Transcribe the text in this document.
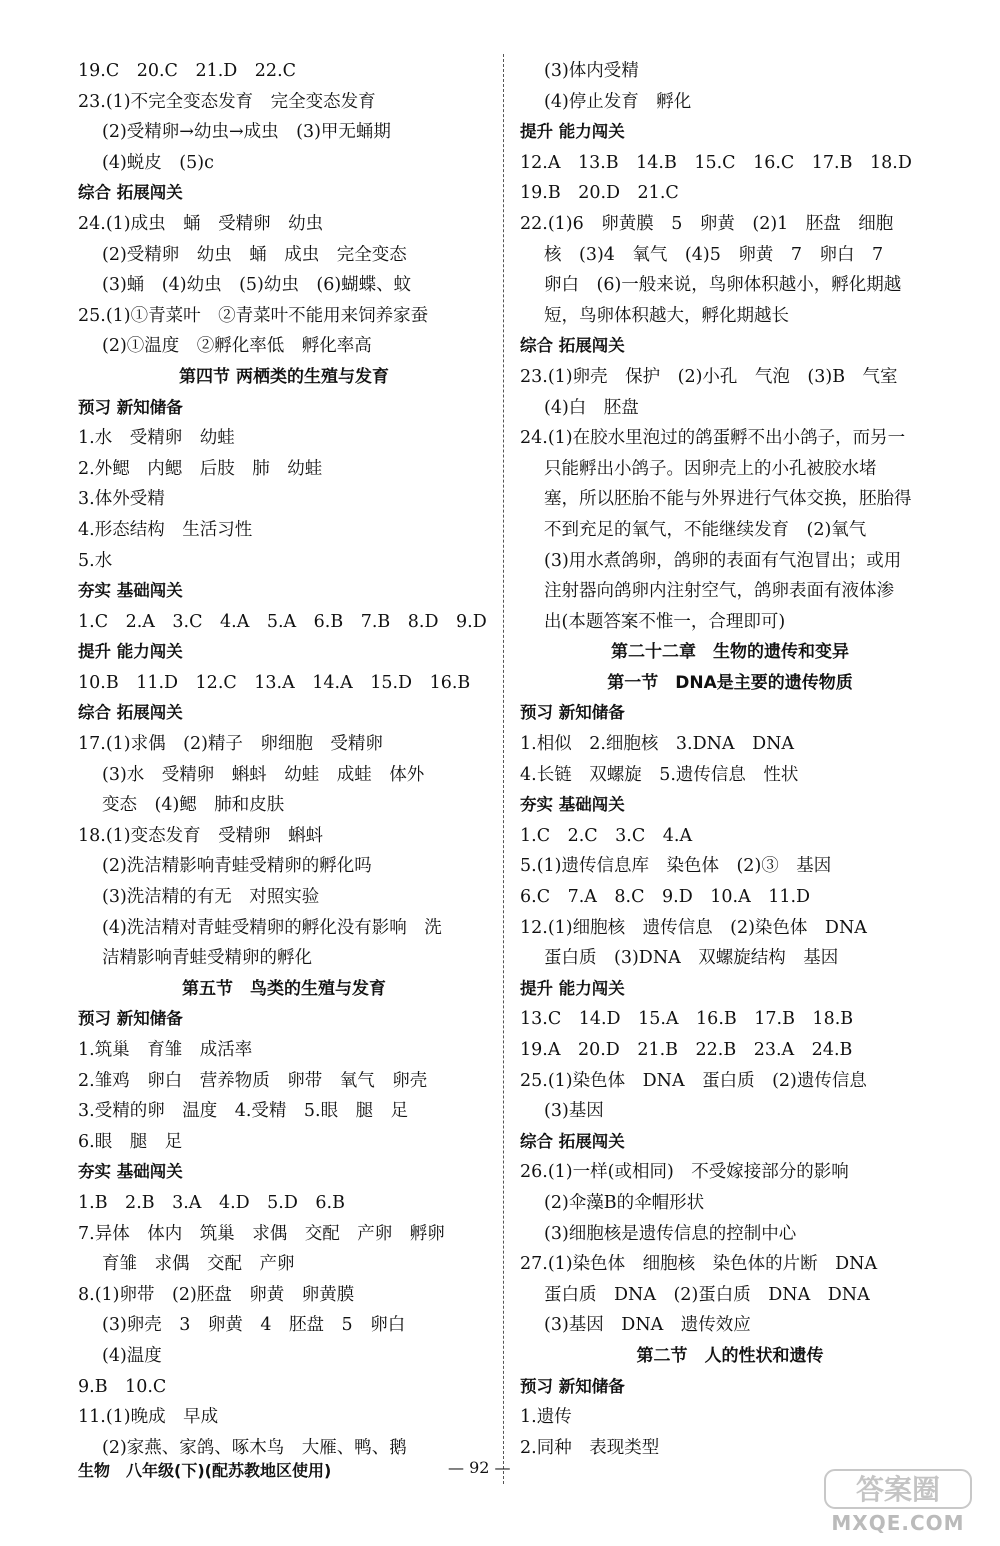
19.C　20.C　21.D　22.C
23.(1)不完全变态发育　完全变态发育
(2)受精卵→幼虫→成虫　(3)甲无蛹期
(4)蜕皮　(5)c
综合 拓展闯关
24.(1)成虫　蛹　受精卵　幼虫
(2)受精卵　幼虫　蛹　成虫　完全变态
(3)蛹　(4)幼虫　(5)幼虫　(6)蝴蝶、蚊
25.(1)①青菜叶　②青菜叶不能用来饲养家蚕
(2)①温度　②孵化率低　孵化率高
第四节 两栖类的生殖与发育
预习 新知储备
1.水　受精卵　幼蛙
2.外鳃　内鳃　后肢　肺　幼蛙
3.体外受精
4.形态结构　生活习性
5.水
夯实 基础闯关
1.C　2.A　3.C　4.A　5.A　6.B　7.B　8.D　9.D
提升 能力闯关
10.B　11.D　12.C　13.A　14.A　15.D　16.B
综合 拓展闯关
17.(1)求偶　(2)精子　卵细胞　受精卵
(3)水　受精卵　蝌蚪　幼蛙　成蛙　体外
变态　(4)鳃　肺和皮肤
18.(1)变态发育　受精卵　蝌蚪
(2)洗洁精影响青蛙受精卵的孵化吗
(3)洗洁精的有无　对照实验
(4)洗洁精对青蛙受精卵的孵化没有影响　洗
洁精影响青蛙受精卵的孵化
第五节　鸟类的生殖与发育
预习 新知储备
1.筑巢　育雏　成活率
2.雏鸡　卵白　营养物质　卵带　氧气　卵壳
3.受精的卵　温度　4.受精　5.眼　腿　足
6.眼　腿　足
夯实 基础闯关
1.B　2.B　3.A　4.D　5.D　6.B
7.异体　体内　筑巢　求偶　交配　产卵　孵卵
育雏　求偶　交配　产卵
8.(1)卵带　(2)胚盘　卵黄　卵黄膜
(3)卵壳　3　卵黄　4　胚盘　5　卵白
(4)温度
9.B　10.C
11.(1)晚成　早成
(2)家燕、家鸽、啄木鸟　大雁、鸭、鹅
(3)体内受精
(4)停止发育　孵化
提升 能力闯关
12.A　13.B　14.B　15.C　16.C　17.B　18.D
19.B　20.D　21.C
22.(1)6　卵黄膜　5　卵黄　(2)1　胚盘　细胞
核　(3)4　氧气　(4)5　卵黄　7　卵白　7
卵白　(6)一般来说，鸟卵体积越小，孵化期越
短，鸟卵体积越大，孵化期越长
综合 拓展闯关
23.(1)卵壳　保护　(2)小孔　气泡　(3)B　气室
(4)白　胚盘
24.(1)在胶水里泡过的鸽蛋孵不出小鸽子，而另一
只能孵出小鸽子。因卵壳上的小孔被胶水堵
塞，所以胚胎不能与外界进行气体交换，胚胎得
不到充足的氧气，不能继续发育　(2)氧气
(3)用水煮鸽卵，鸽卵的表面有气泡冒出；或用
注射器向鸽卵内注射空气，鸽卵表面有液体渗
出(本题答案不惟一，合理即可)
第二十二章　生物的遗传和变异
第一节　DNA是主要的遗传物质
预习 新知储备
1.相似　2.细胞核　3.DNA　DNA
4.长链　双螺旋　5.遗传信息　性状
夯实 基础闯关
1.C　2.C　3.C　4.A
5.(1)遗传信息库　染色体　(2)③　基因
6.C　7.A　8.C　9.D　10.A　11.D
12.(1)细胞核　遗传信息　(2)染色体　DNA
蛋白质　(3)DNA　双螺旋结构　基因
提升 能力闯关
13.C　14.D　15.A　16.B　17.B　18.B
19.A　20.D　21.B　22.B　23.A　24.B
25.(1)染色体　DNA　蛋白质　(2)遗传信息
(3)基因
综合 拓展闯关
26.(1)一样(或相同)　不受嫁接部分的影响
(2)伞藻B的伞帽形状
(3)细胞核是遗传信息的控制中心
27.(1)染色体　细胞核　染色体的片断　DNA
蛋白质　DNA　(2)蛋白质　DNA　DNA
(3)基因　DNA　遗传效应
第二节　人的性状和遗传
预习 新知储备
1.遗传
2.同种　表现类型
生物　八年级(下)(配苏教地区使用)	— 92 —
答案圈
MXQE.COM
